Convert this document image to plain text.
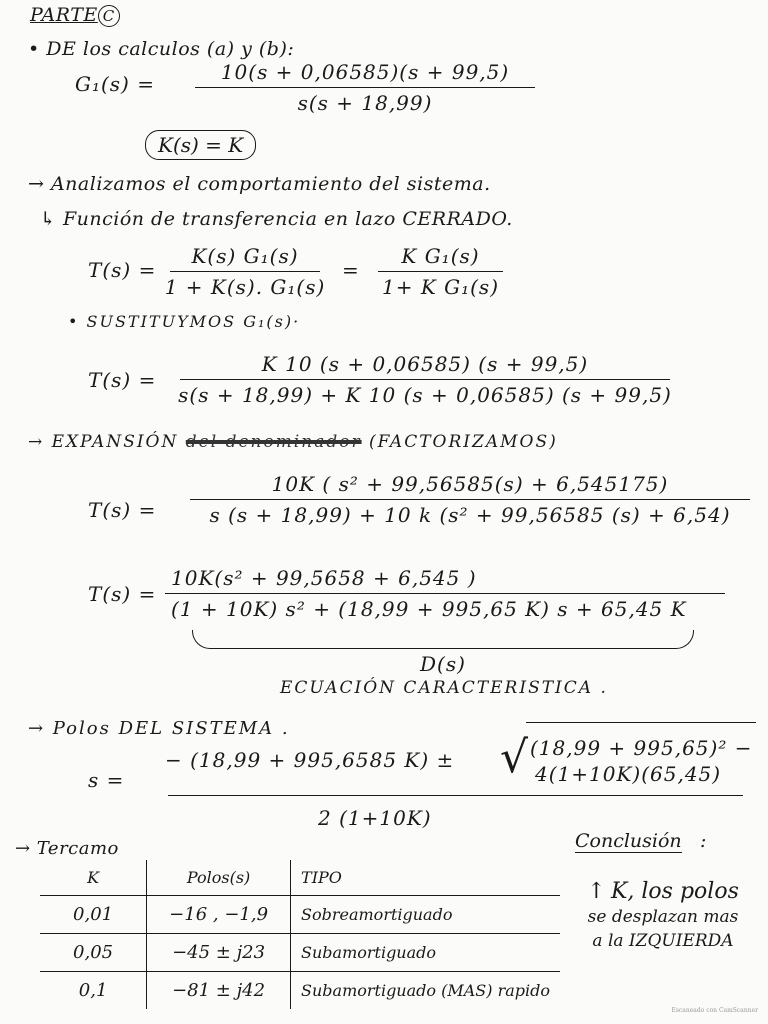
PARTE C
• DE los calculos (a) y (b):
G₁(s) =	10(s + 0,06585)(s + 99,5)
s(s + 18,99)
K(s) = K
→ Analizamos el comportamiento del sistema.
↳ Función de transferencia en lazo CERRADO.
T(s) =
K(s) G₁(s)
1 + K(s). G₁(s)
=
K G₁(s)
1+ K G₁(s)
• SUSTITUYMOS G₁(s)·
T(s) =
K 10 (s + 0,06585) (s + 99,5)
s(s + 18,99) + K 10 (s + 0,06585) (s + 99,5)
→ EXPANSIÓN del denominador (FACTORIZAMOS)
T(s) =
10K ( s² + 99,56585(s) + 6,545175)
s (s + 18,99) + 10 k (s² + 99,56585 (s) + 6,54)
T(s) =
10K(s² + 99,5658 + 6,545 )
(1 + 10K) s² + (18,99 + 995,65 K) s + 65,45 K
D(s)
ECUACIÓN CARACTERISTICA .
→ Polos DEL SISTEMA .
s =
− (18,99 + 995,6585 K) ± √ (18,99 + 995,65)² −
4(1+10K)(65,45)
2 (1+10K)
→ Tercamo
K	Polos(s)	TIPO
0,01	−16 , −1,9	Sobreamortiguado
0,05	−45 ± j23	Subamortiguado
0,1	−81 ± j42	Subamortiguado (MAS) rapido
Conclusión :
↑ K, los polos
se desplazan mas
a la IZQUIERDA
Escaneado con CamScanner
